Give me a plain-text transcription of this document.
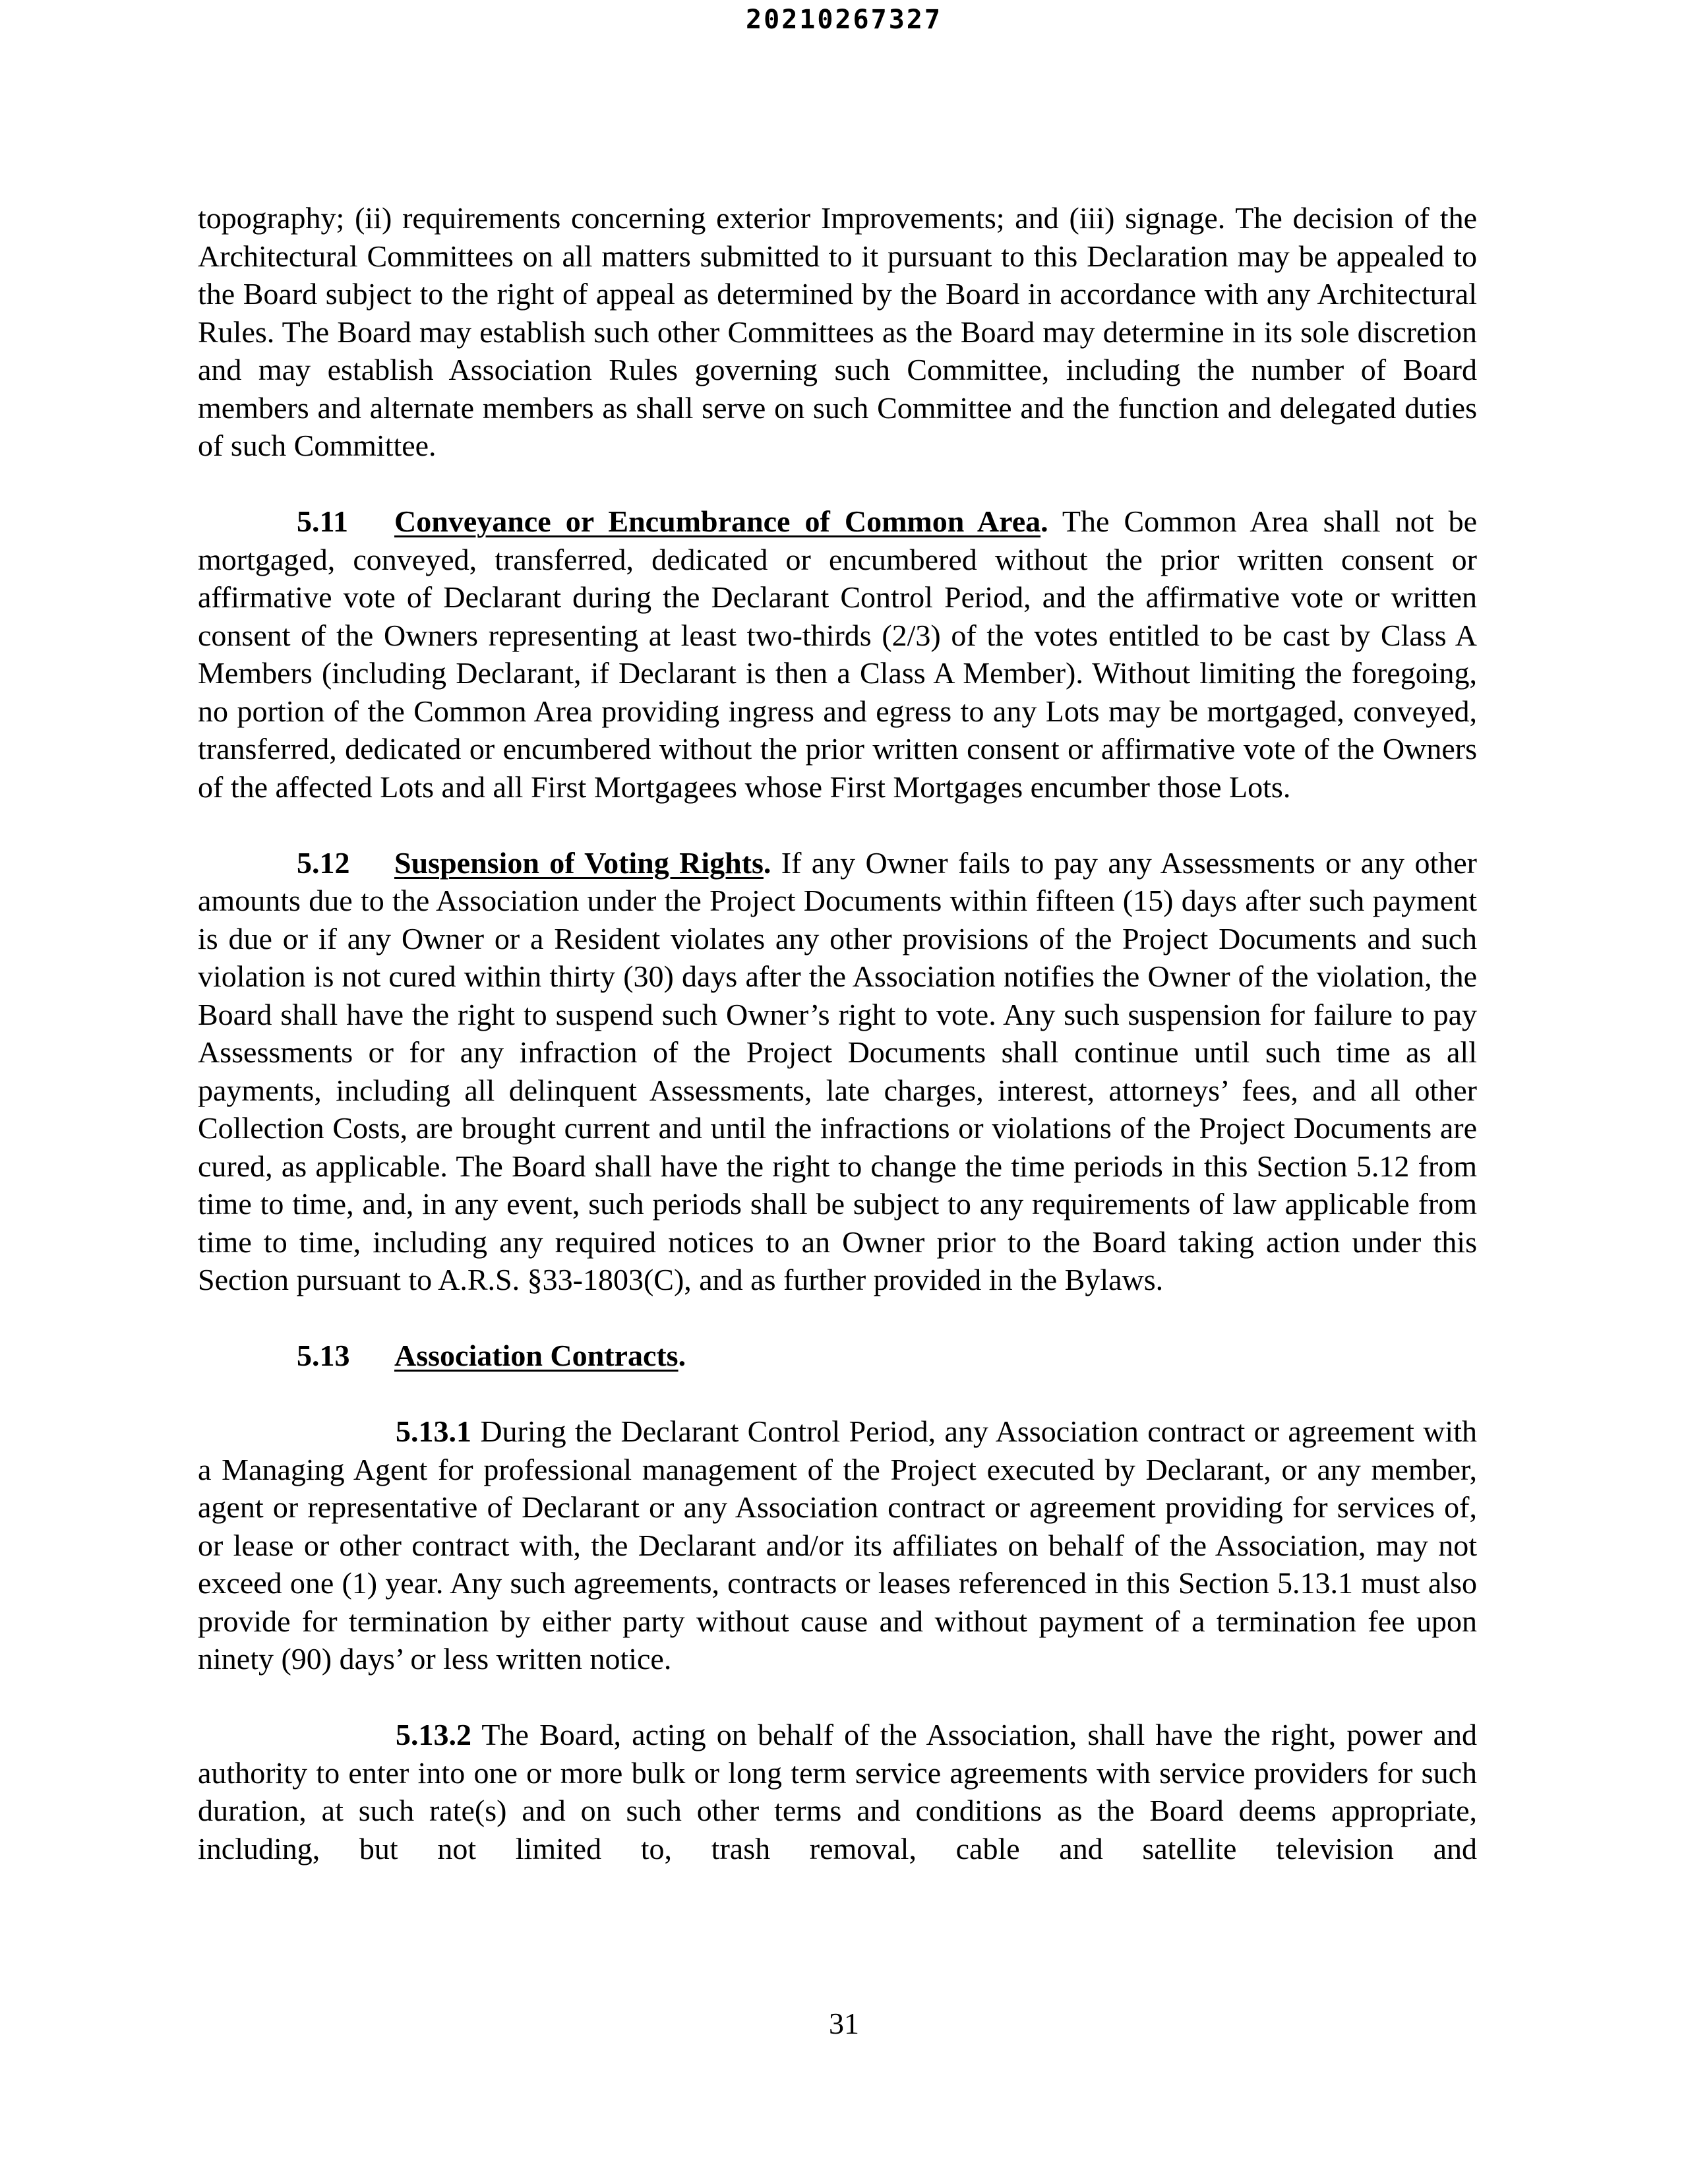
20210267327

topography; (ii) requirements concerning exterior Improvements; and (iii) signage. The decision of the Architectural Committees on all matters submitted to it pursuant to this Declaration may be appealed to the Board subject to the right of appeal as determined by the Board in accordance with any Architectural Rules. The Board may establish such other Committees as the Board may determine in its sole discretion and may establish Association Rules governing such Committee, including the number of Board members and alternate members as shall serve on such Committee and the function and delegated duties of such Committee.

5.11 Conveyance or Encumbrance of Common Area. The Common Area shall not be mortgaged, conveyed, transferred, dedicated or encumbered without the prior written consent or affirmative vote of Declarant during the Declarant Control Period, and the affirmative vote or written consent of the Owners representing at least two-thirds (2/3) of the votes entitled to be cast by Class A Members (including Declarant, if Declarant is then a Class A Member). Without limiting the foregoing, no portion of the Common Area providing ingress and egress to any Lots may be mortgaged, conveyed, transferred, dedicated or encumbered without the prior written consent or affirmative vote of the Owners of the affected Lots and all First Mortgagees whose First Mortgages encumber those Lots.

5.12 Suspension of Voting Rights. If any Owner fails to pay any Assessments or any other amounts due to the Association under the Project Documents within fifteen (15) days after such payment is due or if any Owner or a Resident violates any other provisions of the Project Documents and such violation is not cured within thirty (30) days after the Association notifies the Owner of the violation, the Board shall have the right to suspend such Owner’s right to vote. Any such suspension for failure to pay Assessments or for any infraction of the Project Documents shall continue until such time as all payments, including all delinquent Assessments, late charges, interest, attorneys’ fees, and all other Collection Costs, are brought current and until the infractions or violations of the Project Documents are cured, as applicable. The Board shall have the right to change the time periods in this Section 5.12 from time to time, and, in any event, such periods shall be subject to any requirements of law applicable from time to time, including any required notices to an Owner prior to the Board taking action under this Section pursuant to A.R.S. §33-1803(C), and as further provided in the Bylaws.

5.13 Association Contracts.

5.13.1 During the Declarant Control Period, any Association contract or agreement with a Managing Agent for professional management of the Project executed by Declarant, or any member, agent or representative of Declarant or any Association contract or agreement providing for services of, or lease or other contract with, the Declarant and/or its affiliates on behalf of the Association, may not exceed one (1) year. Any such agreements, contracts or leases referenced in this Section 5.13.1 must also provide for termination by either party without cause and without payment of a termination fee upon ninety (90) days’ or less written notice.

5.13.2 The Board, acting on behalf of the Association, shall have the right, power and authority to enter into one or more bulk or long term service agreements with service providers for such duration, at such rate(s) and on such other terms and conditions as the Board deems appropriate, including, but not limited to, trash removal, cable and satellite television and

31
